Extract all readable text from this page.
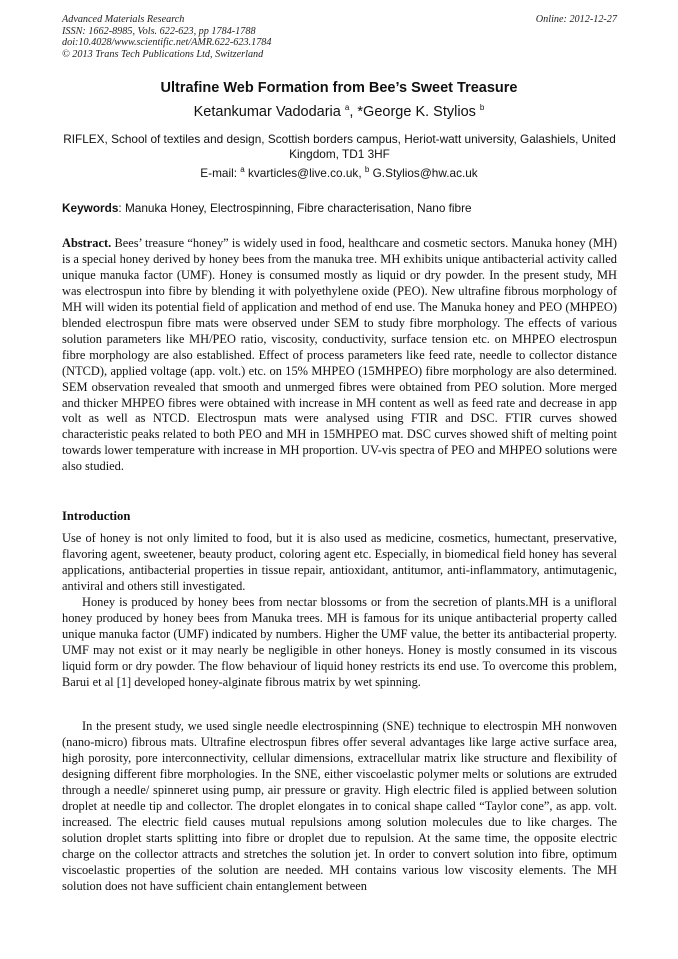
Advanced Materials Research
ISSN: 1662-8985, Vols. 622-623, pp 1784-1788
doi:10.4028/www.scientific.net/AMR.622-623.1784
© 2013 Trans Tech Publications Ltd, Switzerland
Online: 2012-12-27
Ultrafine Web Formation from Bee’s Sweet Treasure
Ketankumar Vadodaria $^a$, *George K. Stylios $^b$
RIFLEX, School of textiles and design, Scottish borders campus, Heriot-watt university, Galashiels, United Kingdom, TD1 3HF
E-mail: $^a$ kvarticles@live.co.uk, $^b$ G.Stylios@hw.ac.uk
Keywords: Manuka Honey, Electrospinning, Fibre characterisation, Nano fibre
Abstract. Bees’ treasure “honey” is widely used in food, healthcare and cosmetic sectors. Manuka honey (MH) is a special honey derived by honey bees from the manuka tree. MH exhibits unique antibacterial activity called unique manuka factor (UMF). Honey is consumed mostly as liquid or dry powder. In the present study, MH was electrospun into fibre by blending it with polyethylene oxide (PEO). New ultrafine fibrous morphology of MH will widen its potential field of application and method of end use. The Manuka honey and PEO (MHPEO) blended electrospun fibre mats were observed under SEM to study fibre morphology. The effects of various solution parameters like MH/PEO ratio, viscosity, conductivity, surface tension etc. on MHPEO electrospun fibre morphology are also established. Effect of process parameters like feed rate, needle to collector distance (NTCD), applied voltage (app. volt.) etc. on 15% MHPEO (15MHPEO) fibre morphology are also determined. SEM observation revealed that smooth and unmerged fibres were obtained from PEO solution. More merged and thicker MHPEO fibres were obtained with increase in MH content as well as feed rate and decrease in app volt as well as NTCD. Electrospun mats were analysed using FTIR and DSC. FTIR curves showed characteristic peaks related to both PEO and MH in 15MHPEO mat. DSC curves showed shift of melting point towards lower temperature with increase in MH proportion. UV-vis spectra of PEO and MHPEO solutions were also studied.
Introduction

Use of honey is not only limited to food, but it is also used as medicine, cosmetics, humectant, preservative, flavoring agent, sweetener, beauty product, coloring agent etc. Especially, in biomedical field honey has several applications, antibacterial properties in tissue repair, antioxidant, antitumor, anti-inflammatory, antimutagenic, antiviral and others still investigated.

Honey is produced by honey bees from nectar blossoms or from the secretion of plants.MH is a unifloral honey produced by honey bees from Manuka trees. MH is famous for its unique antibacterial property called unique manuka factor (UMF) indicated by numbers. Higher the UMF value, the better its antibacterial property. UMF may not exist or it may nearly be negligible in other honeys. Honey is mostly consumed in its viscous liquid form or dry powder. The flow behaviour of liquid honey restricts its end use. To overcome this problem, Barui et al [1] developed honey-alginate fibrous matrix by wet spinning.

In the present study, we used single needle electrospinning (SNE) technique to electrospin MH nonwoven (nano-micro) fibrous mats. Ultrafine electrospun fibres offer several advantages like large active surface area, high porosity, pore interconnectivity, cellular dimensions, extracellular matrix like structure and flexibility of designing different fibre morphologies. In the SNE, either viscoelastic polymer melts or solutions are extruded through a needle/ spinneret using pump, air pressure or gravity. High electric filed is applied between solution droplet at needle tip and collector. The droplet elongates in to conical shape called “Taylor cone”, as app. volt. increased. The electric field causes mutual repulsions among solution molecules due to like charges. The solution droplet starts splitting into fibre or droplet due to repulsion. At the same time, the opposite electric charge on the collector attracts and stretches the solution jet. In order to convert solution into fibre, optimum viscoelastic properties of the solution are needed. MH contains various low viscosity elements. The MH solution does not have sufficient chain entanglement between
